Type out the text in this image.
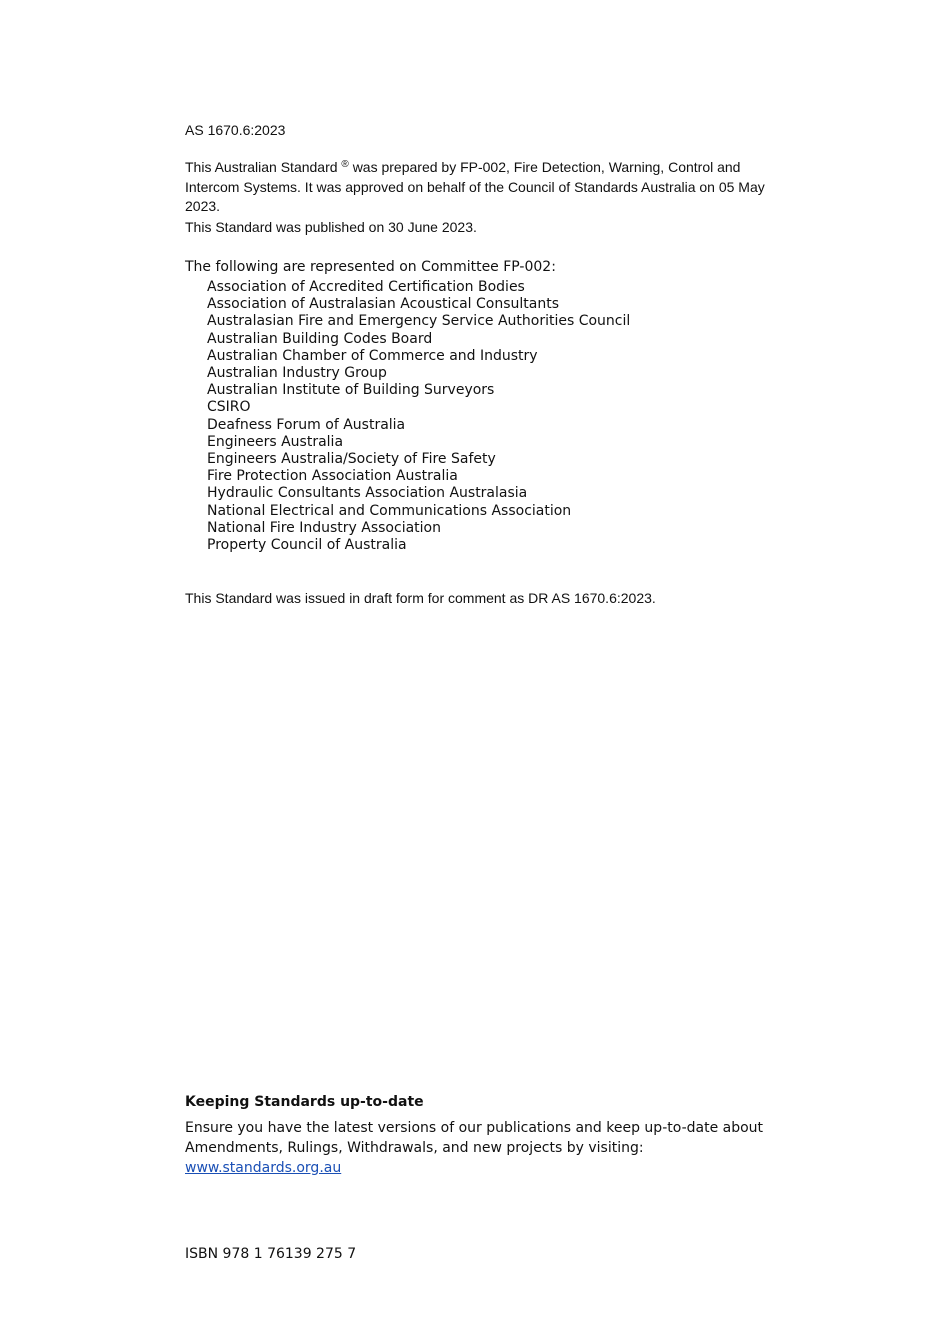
AS 1670.6:2023
This Australian Standard ® was prepared by FP-002, Fire Detection, Warning, Control and Intercom Systems. It was approved on behalf of the Council of Standards Australia on 05 May 2023.
This Standard was published on 30 June 2023.
The following are represented on Committee FP-002:
Association of Accredited Certification Bodies
Association of Australasian Acoustical Consultants
Australasian Fire and Emergency Service Authorities Council
Australian Building Codes Board
Australian Chamber of Commerce and Industry
Australian Industry Group
Australian Institute of Building Surveyors
CSIRO
Deafness Forum of Australia
Engineers Australia
Engineers Australia/Society of Fire Safety
Fire Protection Association Australia
Hydraulic Consultants Association Australasia
National Electrical and Communications Association
National Fire Industry Association
Property Council of Australia
This Standard was issued in draft form for comment as DR AS 1670.6:2023.
Keeping Standards up-to-date
Ensure you have the latest versions of our publications and keep up-to-date about Amendments, Rulings, Withdrawals, and new projects by visiting:
www.standards.org.au
ISBN 978 1 76139 275 7
